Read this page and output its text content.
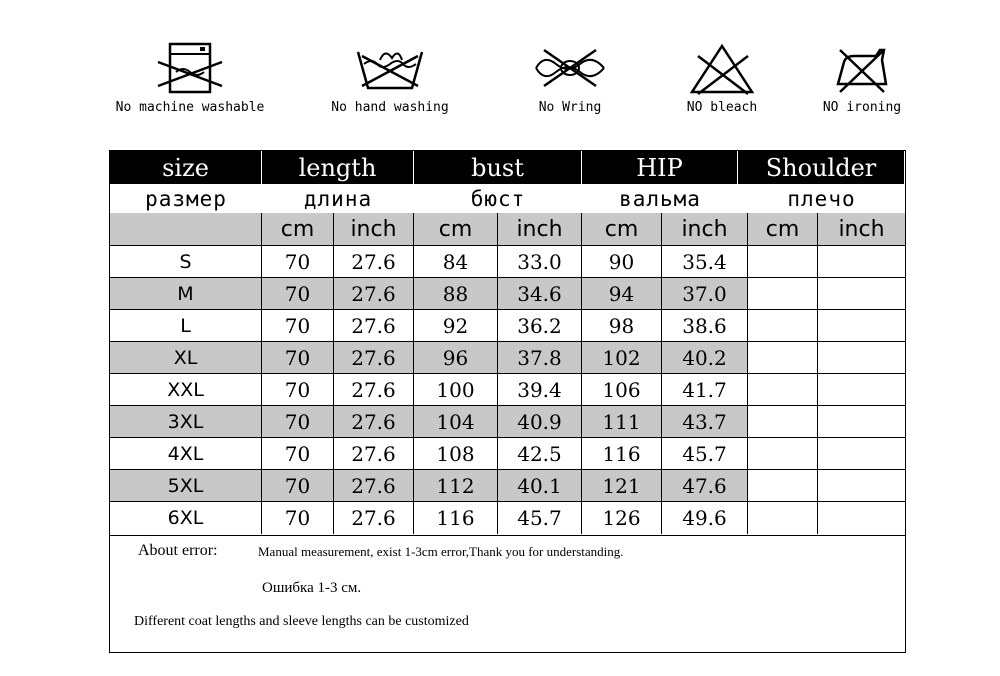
No machine washable	No hand washing	No Wring	NO bleach	NO ironing
size	length	bust	HIP	Shoulder
размер	длина	бюст	вальма	плечо
cm	inch	cm	inch	cm	inch	cm	inch
S	70	27.6	84	33.0	90	35.4
M	70	27.6	88	34.6	94	37.0
L	70	27.6	92	36.2	98	38.6
XL	70	27.6	96	37.8	102	40.2
XXL	70	27.6	100	39.4	106	41.7
3XL	70	27.6	104	40.9	111	43.7
4XL	70	27.6	108	42.5	116	45.7
5XL	70	27.6	112	40.1	121	47.6
6XL	70	27.6	116	45.7	126	49.6
About error:	Manual measurement, exist 1-3cm error,Thank you for understanding.
Ошибка 1-3 см.
Different coat lengths and sleeve lengths can be customized
